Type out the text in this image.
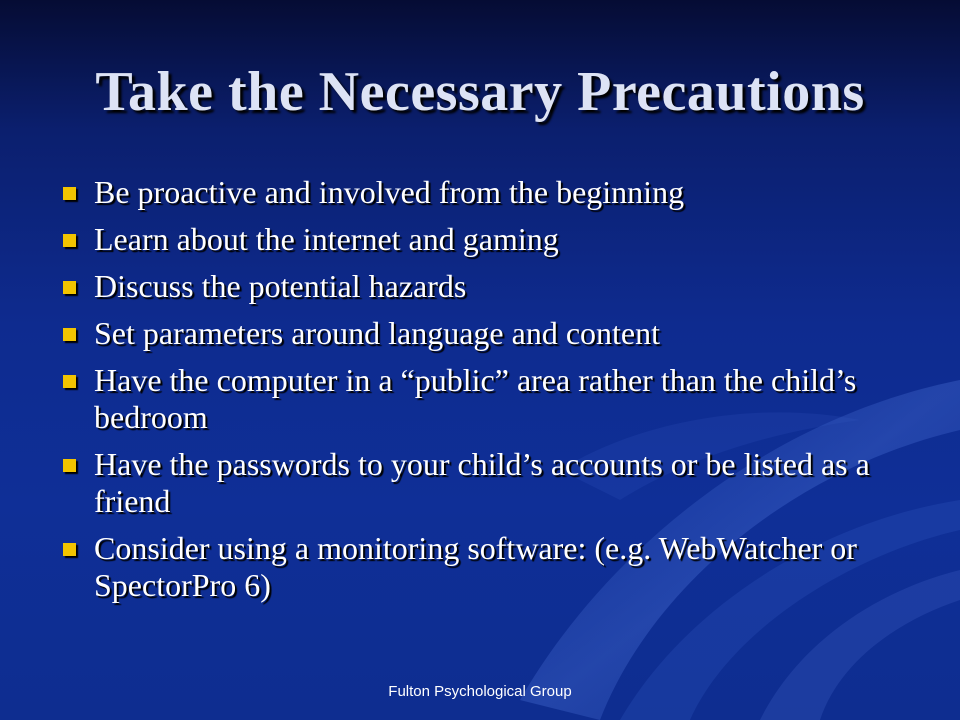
Take the Necessary Precautions
Be proactive and involved from the beginning
Learn about the internet and gaming
Discuss the potential hazards
Set parameters around language and content
Have the computer in a “public” area rather than the child’s bedroom
Have the passwords to your child’s accounts or be listed as a friend
Consider using a monitoring software: (e.g. WebWatcher or SpectorPro 6)
Fulton Psychological Group
